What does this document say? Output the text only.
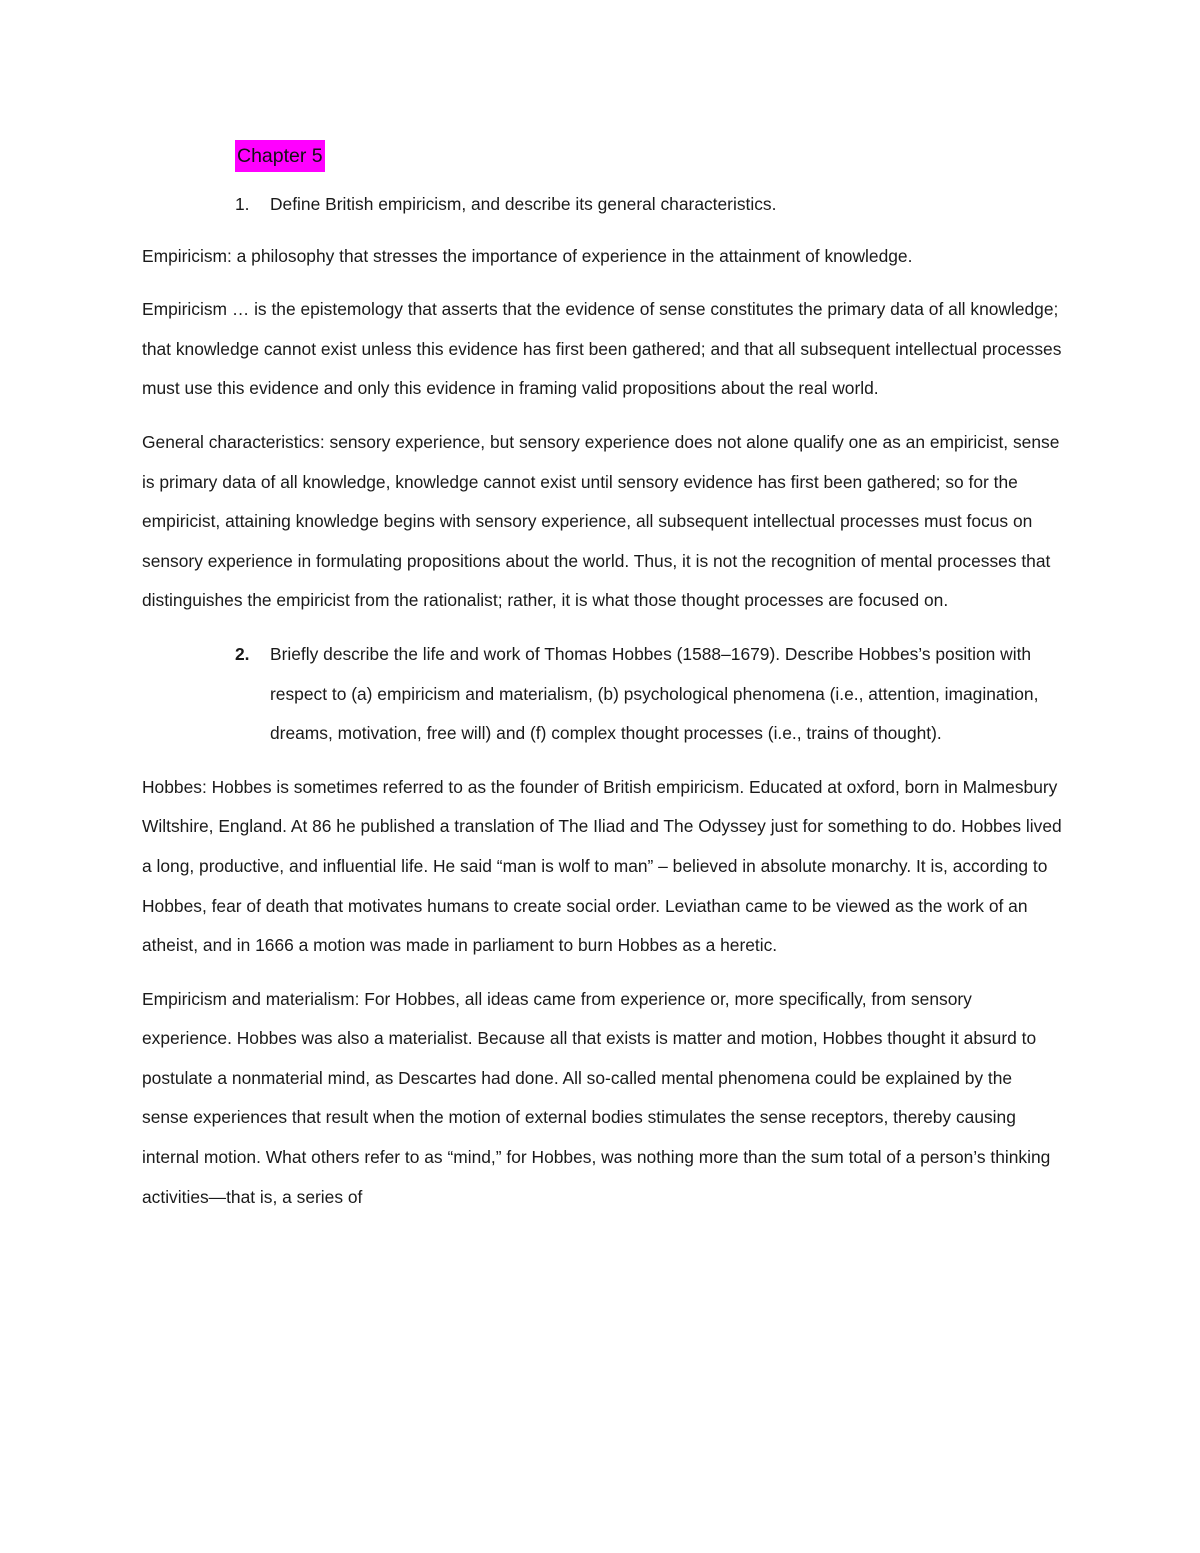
Chapter 5
1. Define British empiricism, and describe its general characteristics.

Empiricism: a philosophy that stresses the importance of experience in the attainment of knowledge.

Empiricism … is the epistemology that asserts that the evidence of sense constitutes the primary data of all knowledge; that knowledge cannot exist unless this evidence has first been gathered; and that all subsequent intellectual processes must use this evidence and only this evidence in framing valid propositions about the real world.

General characteristics: sensory experience, but sensory experience does not alone qualify one as an empiricist, sense is primary data of all knowledge, knowledge cannot exist until sensory evidence has first been gathered; so for the empiricist, attaining knowledge begins with sensory experience, all subsequent intellectual processes must focus on sensory experience in formulating propositions about the world. Thus, it is not the recognition of mental processes that distinguishes the empiricist from the rationalist; rather, it is what those thought processes are focused on.

2.	Briefly describe the life and work of Thomas Hobbes (1588–1679). Describe Hobbes’s position with respect to (a) empiricism and materialism, (b) psychological phenomena (i.e., attention, imagination, dreams, motivation, free will) and (f) complex thought processes (i.e., trains of thought).

Hobbes: Hobbes is sometimes referred to as the founder of British empiricism. Educated at oxford, born in Malmesbury Wiltshire, England. At 86 he published a translation of The Iliad and The Odyssey just for something to do. Hobbes lived a long, productive, and influential life. He said “man is wolf to man” – believed in absolute monarchy. It is, according to Hobbes, fear of death that motivates humans to create social order. Leviathan came to be viewed as the work of an atheist, and in 1666 a motion was made in parliament to burn Hobbes as a heretic.

Empiricism and materialism: For Hobbes, all ideas came from experience or, more specifically, from sensory experience. Hobbes was also a materialist. Because all that exists is matter and motion, Hobbes thought it absurd to postulate a nonmaterial mind, as Descartes had done. All so-called mental phenomena could be explained by the sense experiences that result when the motion of external bodies stimulates the sense receptors, thereby causing internal motion. What others refer to as “mind,” for Hobbes, was nothing more than the sum total of a person’s thinking activities—that is, a series of
